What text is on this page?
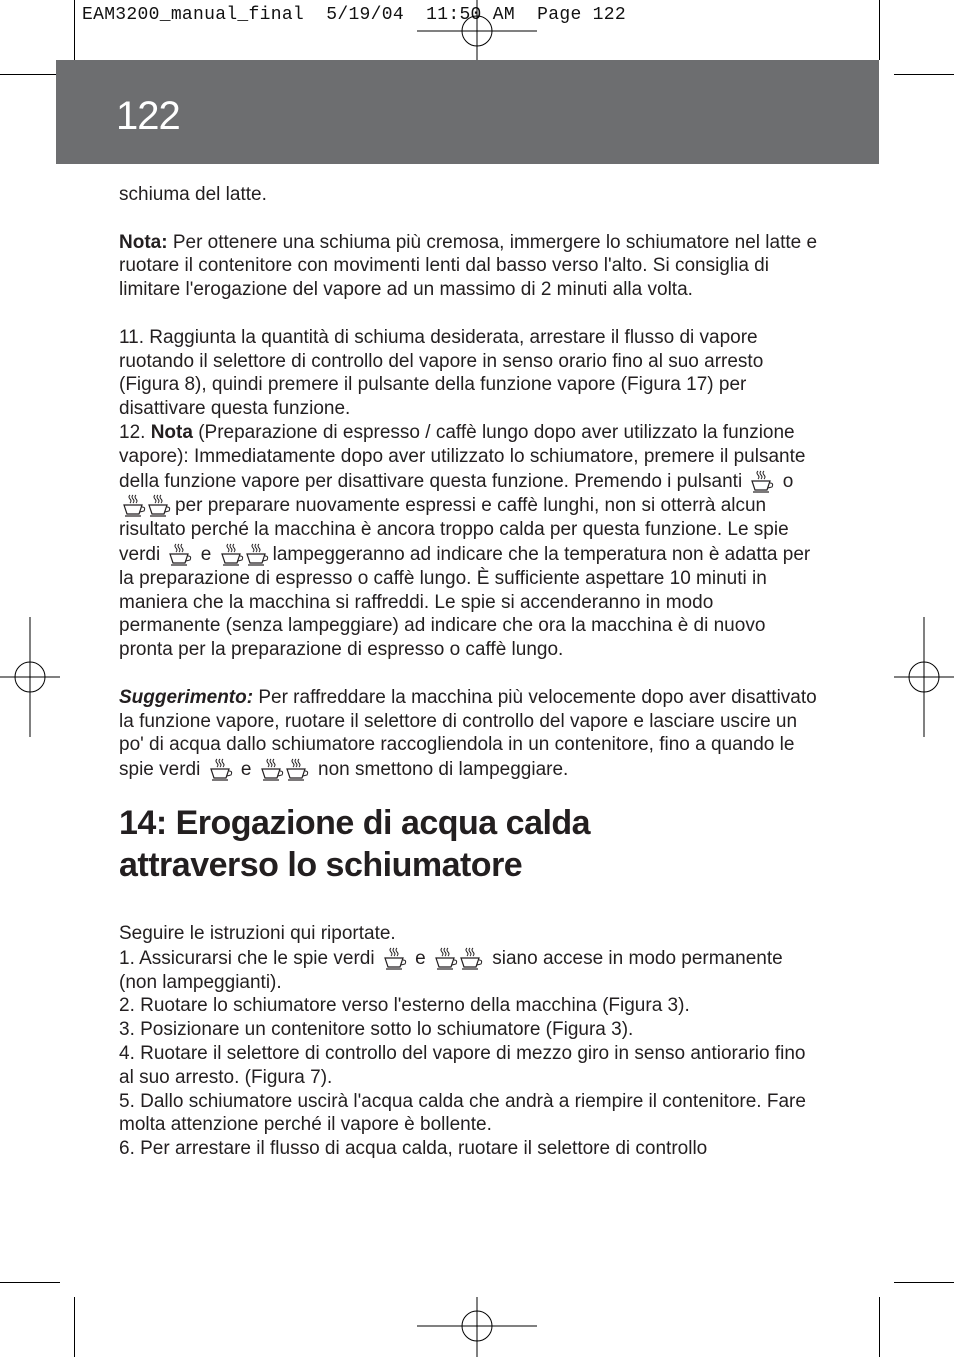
EAM3200_manual_final  5/19/04  11:50 AM  Page 122
122

schiuma del latte.

Nota: Per ottenere una schiuma più cremosa, immergere lo schiumatore nel latte e ruotare il contenitore con movimenti lenti dal basso verso l'alto. Si consiglia di limitare l'erogazione del vapore ad un massimo di 2 minuti alla volta.

11. Raggiunta la quantità di schiuma desiderata, arrestare il flusso di vapore ruotando il selettore di controllo del vapore in senso orario fino al suo arresto (Figura 8), quindi premere il pulsante della funzione vapore (Figura 17) per disattivare questa funzione.

12. Nota (Preparazione di espresso / caffè lungo dopo aver utilizzato la funzione vapore): Immediatamente dopo aver utilizzato lo schiumatore, premere il pulsante della funzione vapore per disattivare questa funzione. Premendo i pulsanti  o per preparare nuovamente espressi e caffè lunghi, non si otterrà alcun risultato perché la macchina è ancora troppo calda per questa funzione. Le spie verdi  e	lampeggeranno ad indicare che la temperatura non è adatta per la preparazione di espresso o caffè lungo. È sufficiente aspettare 10 minuti in maniera che la macchina si raffreddi. Le spie si accenderanno in modo permanente (senza lampeggiare) ad indicare che ora la macchina è di nuovo pronta per la preparazione di espresso o caffè lungo.

Suggerimento: Per raffreddare la macchina più velocemente dopo aver disattivato la funzione vapore, ruotare il selettore di controllo del vapore e lasciare uscire un po' di acqua dallo schiumatore raccogliendola in un contenitore, fino a quando le spie verdi  e	non smettono di lampeggiare.

14: Erogazione di acqua calda
attraverso lo schiumatore

Seguire le istruzioni qui riportate.

1. Assicurarsi che le spie verdi  e	siano accese in modo permanente (non lampeggianti).

2. Ruotare lo schiumatore verso l'esterno della macchina (Figura 3).

3. Posizionare un contenitore sotto lo schiumatore (Figura 3).

4. Ruotare il selettore di controllo del vapore di mezzo giro in senso antiorario fino al suo arresto. (Figura 7).

5. Dallo schiumatore uscirà l'acqua calda che andrà a riempire il contenitore. Fare molta attenzione perché il vapore è bollente.

6. Per arrestare il flusso di acqua calda, ruotare il selettore di controllo
